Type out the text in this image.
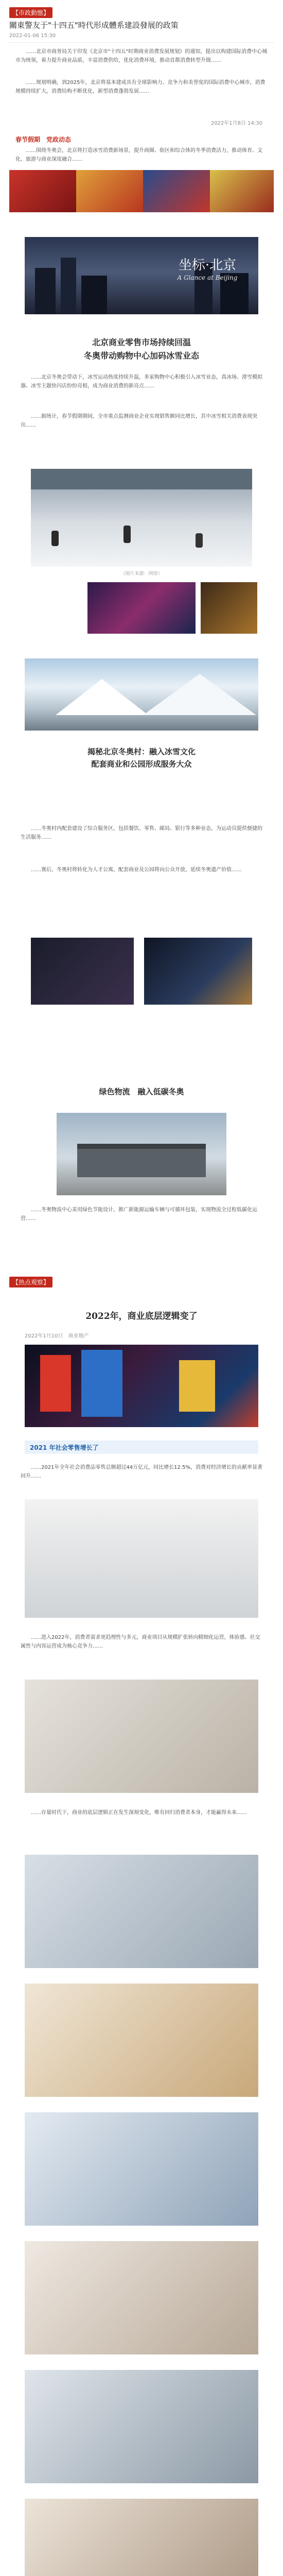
【市政動態】
關東警友于"十四五"時代形成體系建設發展的政策
2022-01-06 15:30
……北京市商务局关于印发《北京市"十四五"时期商业消费发展规划》的通知，提出以构建国际消费中心城市为统领，着力提升商业品质，丰富消费供给，优化消费环境，推动首都消费转型升级……
……规划明确，到2025年，北京将基本建成具有全球影响力、竞争力和美誉度的国际消费中心城市，消费规模持续扩大，消费结构不断优化，新型消费蓬勃发展……
2022年1月8日 14:30
春节假期　党政动态
……围绕冬奥会，北京将打造冰雪消费新场景，提升商圈、街区和综合体的冬季消费活力，推动体育、文化、旅游与商业深度融合……
坐标·北京
A Glance at Beijing
北京商业零售市场持续回温
冬奥带动购物中心加码冰雪业态
……北京冬奥会带动下，冰雪运动热度持续升温，多家购物中心积极引入冰雪业态，真冰场、滑雪模拟器、冰雪主题快闪店纷纷亮相，成为商业消费的新亮点……
……据统计，春节假期期间，全市重点监测商业企业实现销售额同比增长，其中冰雪相关消费表现突出……
（图片来源：网络）
揭秘北京冬奥村：融入冰雪文化
配套商业和公园形成服务大众
……冬奥村内配套建设了综合服务区，包括餐饮、零售、邮局、银行等多种业态，为运动员提供便捷的生活服务……
……赛后，冬奥村将转化为人才公寓，配套商业及公园将向公众开放，延续冬奥遗产价值……
绿色物流　融入低碳冬奥
……冬奥物流中心采用绿色节能设计，推广新能源运输车辆与可循环包装，实现物流全过程低碳化运营……
【热点观察】
2022年，商业底层逻辑变了
2022年1月10日　商业地产
2021 年社会零售增长了
……2021年全年社会消费品零售总额超过44万亿元，同比增长12.5%，消费对经济增长的贡献率显著回升……
……进入2022年，消费者需求更趋理性与多元，商业项目从规模扩张转向精细化运营，体验感、社交属性与内容运营成为核心竞争力……
……存量时代下，商业的底层逻辑正在发生深刻变化，唯有回归消费者本身，才能赢得未来……
